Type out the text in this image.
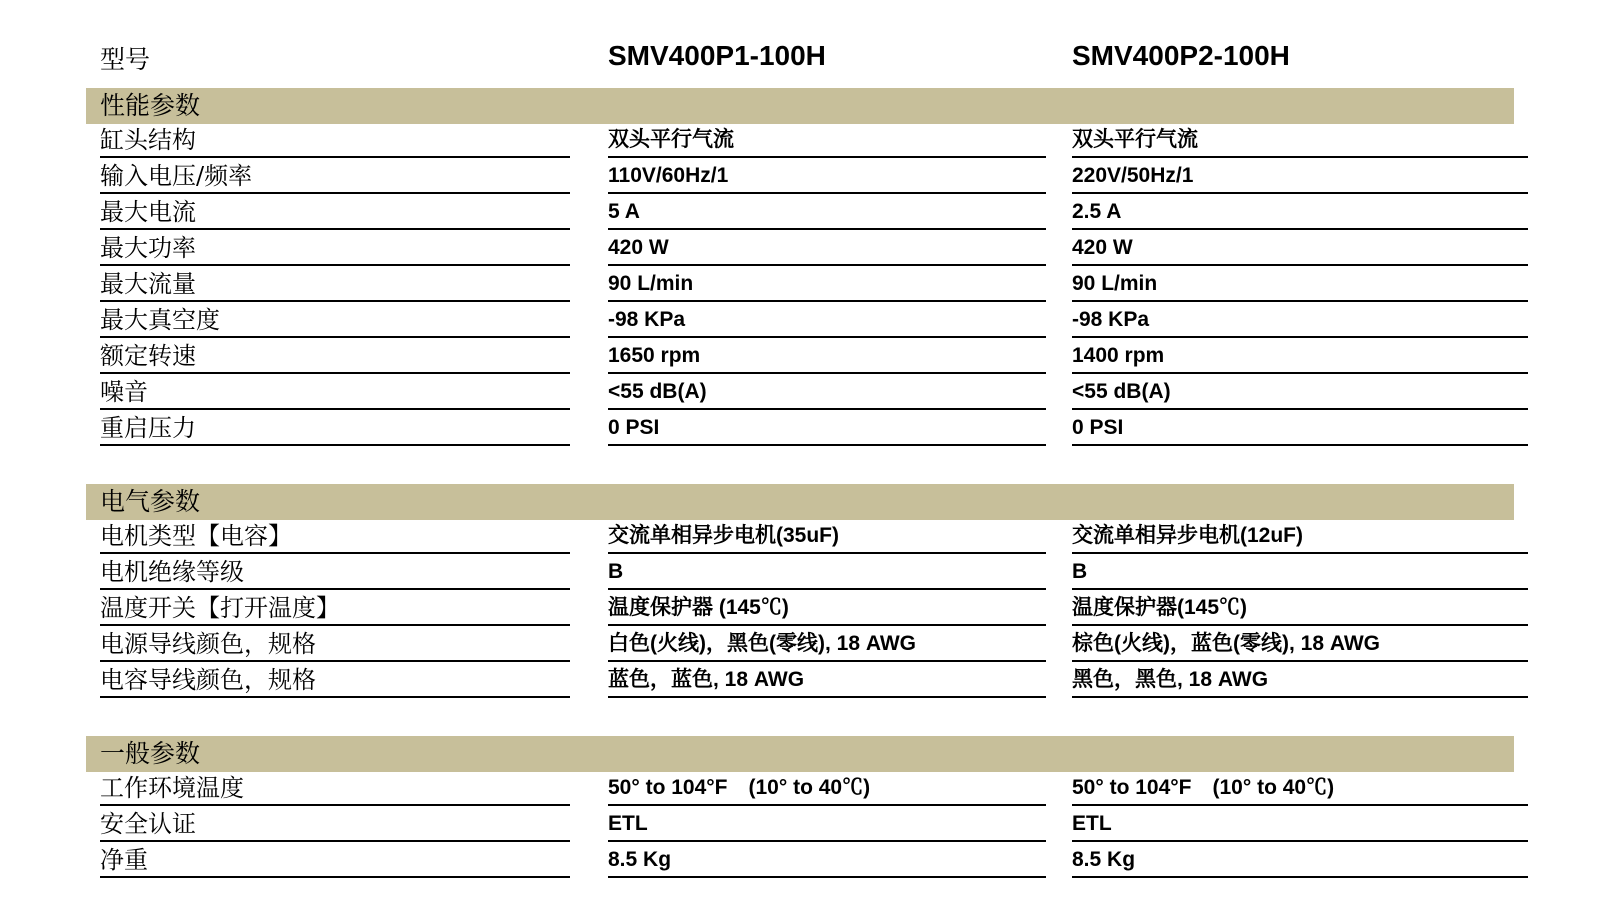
型号	SMV400P1-100H	SMV400P2-100H
性能参数
缸头结构	双头平行气流	双头平行气流
输入电压/频率	110V/60Hz/1	220V/50Hz/1
最大电流	5 A	2.5 A
最大功率	420 W	420 W
最大流量	90 L/min	90 L/min
最大真空度	-98 KPa	-98 KPa
额定转速	1650 rpm	1400 rpm
噪音	<55 dB(A)	<55 dB(A)
重启压力	0 PSI	0 PSI
电气参数
电机类型【电容】	交流单相异步电机(35uF)	交流单相异步电机(12uF)
电机绝缘等级	B	B
温度开关【打开温度】	温度保护器 (145℃)	温度保护器(145℃)
电源导线颜色，规格	白色(火线)，黑色(零线), 18 AWG	棕色(火线)，蓝色(零线), 18 AWG
电容导线颜色，规格	蓝色，蓝色, 18 AWG	黑色，黑色, 18 AWG
一般参数
工作环境温度	50° to 104°F　(10° to 40℃)	50° to 104°F　(10° to 40℃)
安全认证	ETL	ETL
净重	8.5 Kg	8.5 Kg
